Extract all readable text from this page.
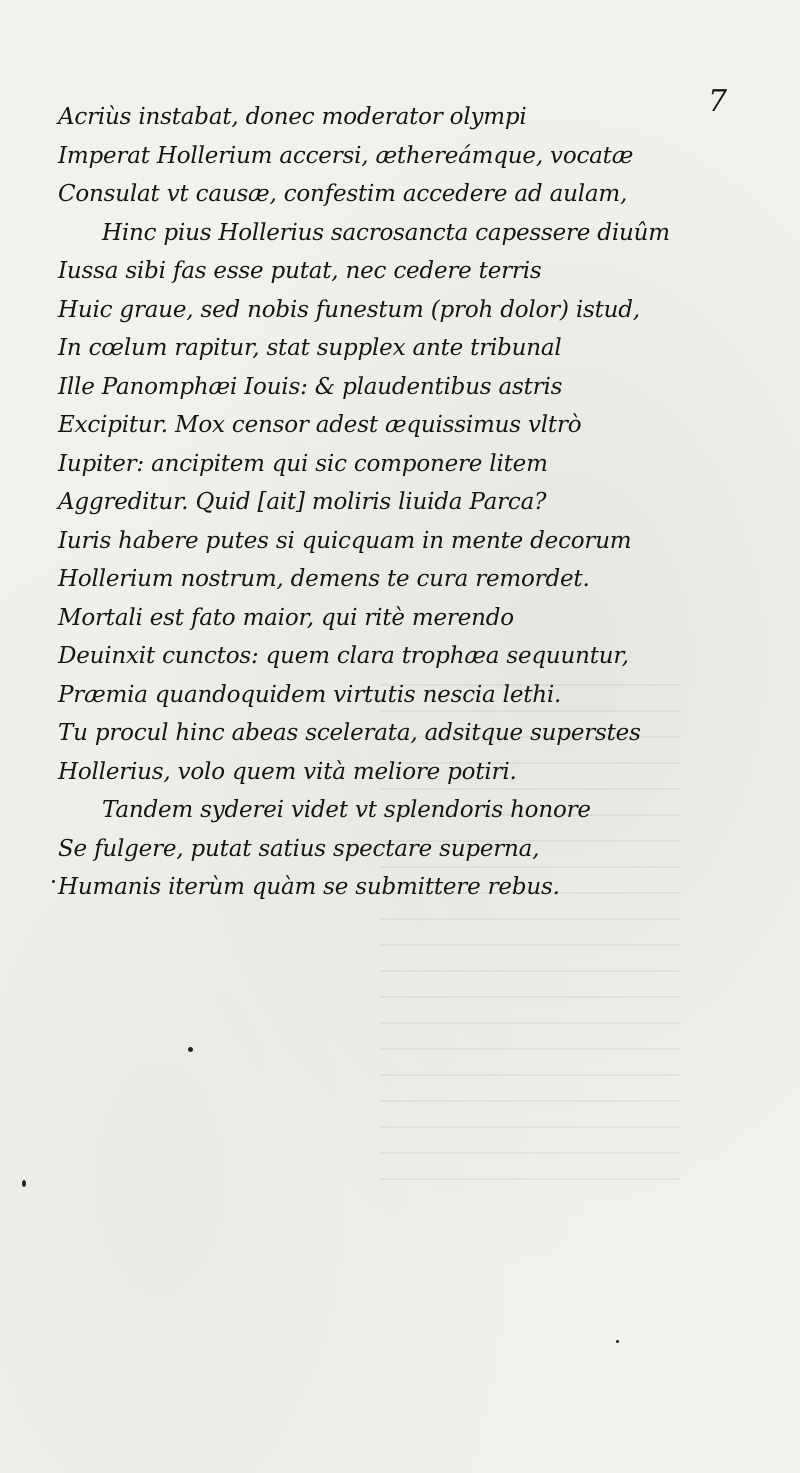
7
Acriùs instabat, donec moderator olympi
Imperat Hollerium accersi, æthereámque, vocatæ
Consulat vt causæ, confestim accedere ad aulam,
Hinc pius Hollerius sacrosancta capessere diuûm
Iussa sibi fas esse putat, nec cedere terris
Huic graue, sed nobis funestum (proh dolor) istud,
In cœlum rapitur, stat supplex ante tribunal
Ille Panomphæi Iouis: & plaudentibus astris
Excipitur. Mox censor adest æquissimus vltrò
Iupiter: ancipitem qui sic componere litem
Aggreditur. Quid [ait] moliris liuida Parca?
Iuris habere putes si quicquam in mente decorum
Hollerium nostrum, demens te cura remordet.
Mortali est fato maior, qui ritè merendo
Deuinxit cunctos: quem clara trophæa sequuntur,
Præmia quandoquidem virtutis nescia lethi.
Tu procul hinc abeas scelerata, adsitque superstes
Hollerius, volo quem vità meliore potiri.
Tandem syderei videt vt splendoris honore
Se fulgere, putat satius spectare superna,
Humanis iterùm quàm se submittere rebus.
